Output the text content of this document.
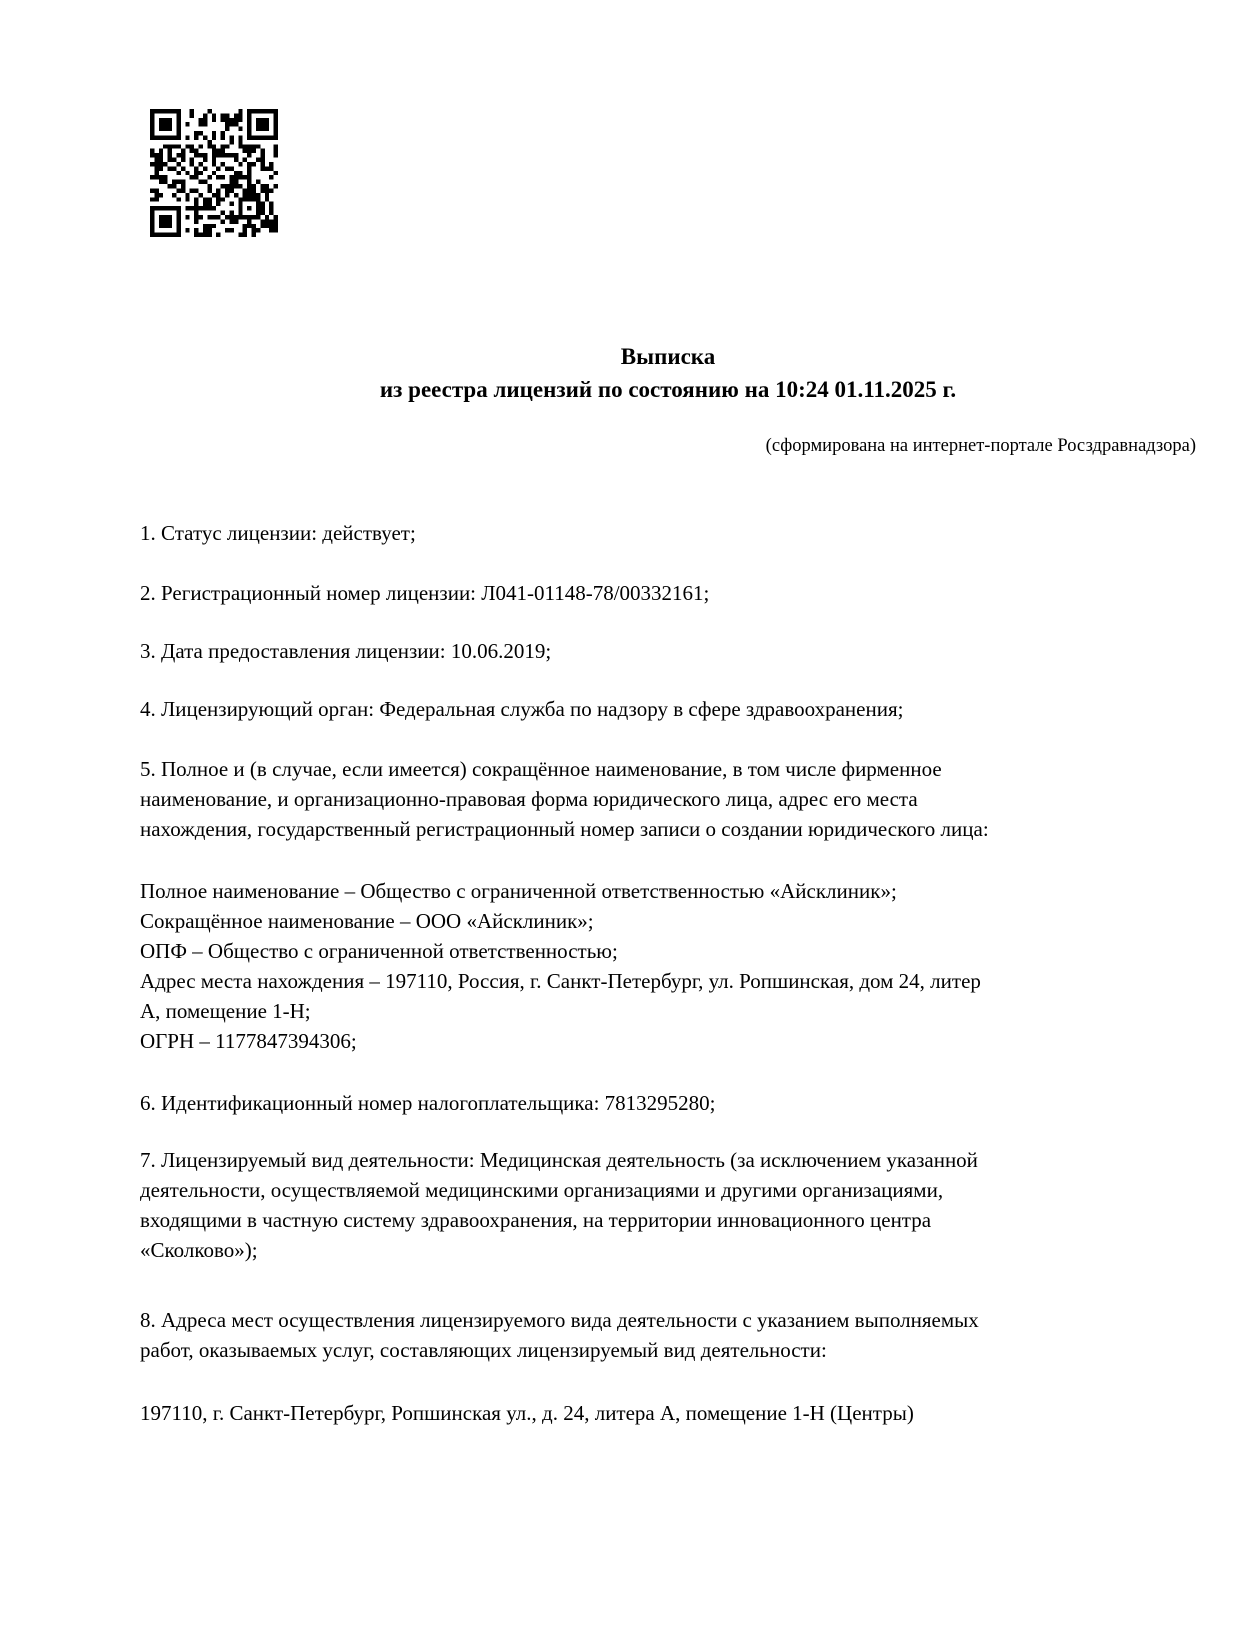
Выписка
из реестра лицензий по состоянию на 10:24 01.11.2025 г.
(сформирована на интернет-портале Росздравнадзора)
1. Статус лицензии: действует;
2. Регистрационный номер лицензии: Л041-01148-78/00332161;
3. Дата предоставления лицензии: 10.06.2019;
4. Лицензирующий орган: Федеральная служба по надзору в сфере здравоохранения;
5. Полное и (в случае, если имеется) сокращённое наименование, в том числе фирменное
наименование, и организационно-правовая форма юридического лица, адрес его места
нахождения, государственный регистрационный номер записи о создании юридического лица:
Полное наименование – Общество с ограниченной ответственностью «Айсклиник»;
Сокращённое наименование – ООО «Айсклиник»;
ОПФ – Общество с ограниченной ответственностью;
Адрес места нахождения – 197110, Россия, г. Санкт-Петербург, ул. Ропшинская, дом 24, литер
А, помещение 1-Н;
ОГРН – 1177847394306;
6. Идентификационный номер налогоплательщика: 7813295280;
7. Лицензируемый вид деятельности: Медицинская деятельность (за исключением указанной
деятельности, осуществляемой медицинскими организациями и другими организациями,
входящими в частную систему здравоохранения, на территории инновационного центра
«Сколково»);
8. Адреса мест осуществления лицензируемого вида деятельности с указанием выполняемых
работ, оказываемых услуг, составляющих лицензируемый вид деятельности:
197110, г. Санкт-Петербург, Ропшинская ул., д. 24, литера А, помещение 1-Н (Центры)
